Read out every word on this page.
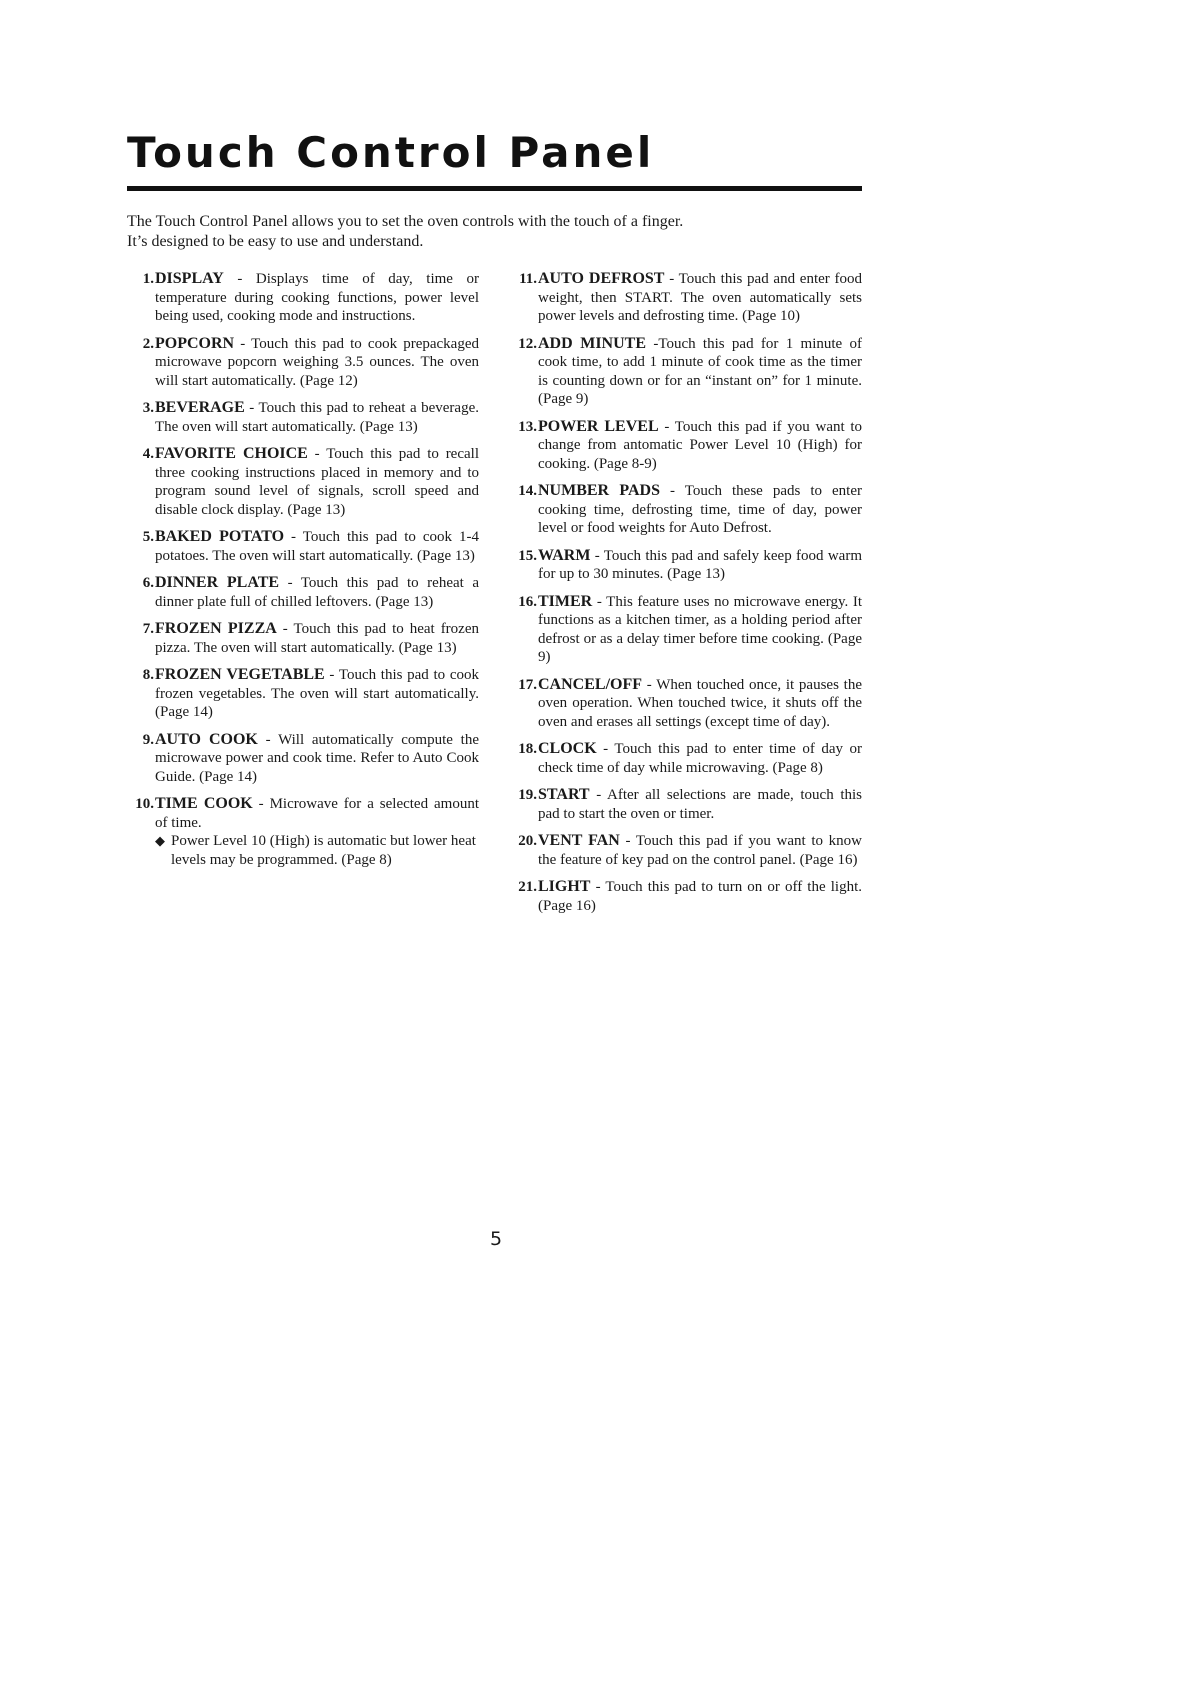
Touch Control Panel

The Touch Control Panel allows you to set the oven controls with the touch of a finger.
It’s designed to be easy to use and understand.

1. DISPLAY - Displays time of day, time or temperature during cooking functions, power level being used, cooking mode and instructions.
2. POPCORN - Touch this pad to cook prepackaged microwave popcorn weighing 3.5 ounces. The oven will start automatically. (Page 12)
3. BEVERAGE - Touch this pad to reheat a beverage. The oven will start automatically. (Page 13)
4. FAVORITE CHOICE - Touch this pad to recall three cooking instructions placed in memory and to program sound level of signals, scroll speed and disable clock display. (Page 13)
5. BAKED POTATO - Touch this pad to cook 1-4 potatoes. The oven will start automatically. (Page 13)
6. DINNER PLATE - Touch this pad to reheat a dinner plate full of chilled leftovers. (Page 13)
7. FROZEN PIZZA - Touch this pad to heat frozen pizza. The oven will start automatically. (Page 13)
8. FROZEN VEGETABLE - Touch this pad to cook frozen vegetables. The oven will start automatically. (Page 14)
9. AUTO COOK - Will automatically compute the microwave power and cook time. Refer to Auto Cook Guide. (Page 14)
10. TIME COOK - Microwave for a selected amount of time.

◆ Power Level 10 (High) is automatic but lower heat levels may be programmed. (Page 8)

11. AUTO DEFROST - Touch this pad and enter food weight, then START. The oven automatically sets power levels and defrosting time. (Page 10)
12. ADD MINUTE -Touch this pad for 1 minute of cook time, to add 1 minute of cook time as the timer is counting down or for an “instant on” for 1 minute. (Page 9)
13. POWER LEVEL - Touch this pad if you want to change from antomatic Power Level 10 (High) for cooking. (Page 8-9)
14. NUMBER PADS - Touch these pads to enter cooking time, defrosting time, time of day, power level or food weights for Auto Defrost.
15. WARM - Touch this pad and safely keep food warm for up to 30 minutes. (Page 13)
16. TIMER - This feature uses no microwave energy. It functions as a kitchen timer, as a holding period after defrost or as a delay timer before time cooking. (Page 9)
17. CANCEL/OFF - When touched once, it pauses the oven operation. When touched twice, it shuts off the oven and erases all settings (except time of day).
18. CLOCK - Touch this pad to enter time of day or check time of day while microwaving. (Page 8)
19. START - After all selections are made, touch this pad to start the oven or timer.
20. VENT FAN - Touch this pad if you want to know the feature of key pad on the control panel. (Page 16)
21. LIGHT - Touch this pad to turn on or off the light. (Page 16)
5
